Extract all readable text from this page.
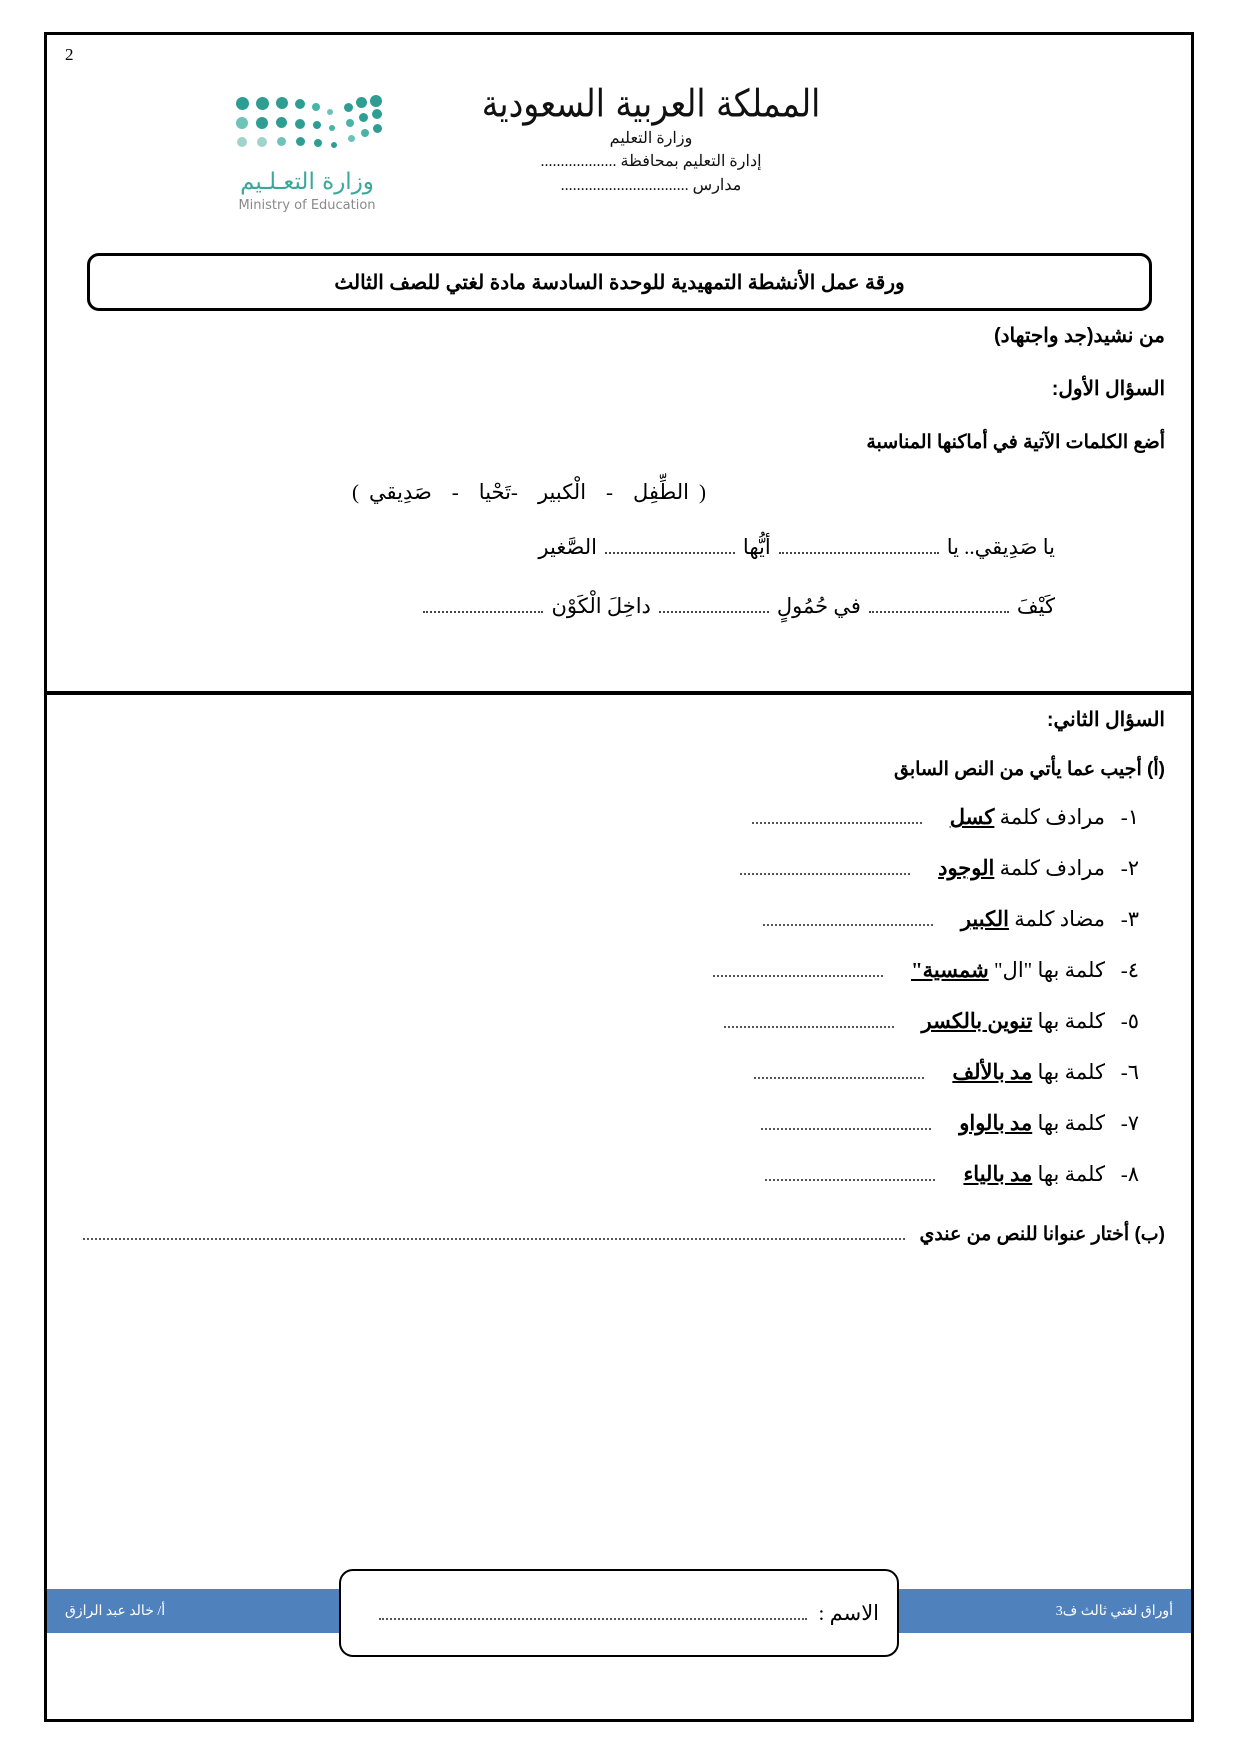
2
المملكة العربية السعودية
وزارة التعليم
إدارة التعليم بمحافظة ...................
مدارس ................................
وزارة التعـلـيم
Ministry of Education
ورقة عمل الأنشطة التمهيدية للوحدة السادسة مادة لغتي للصف الثالث
من نشيد(جد واجتهاد)
السؤال الأول:
أضع الكلمات الآتية في أماكنها المناسبة
(الطِّفِل-الْكبير-تَحْيا-صَدِيقي)
يا صَدِيقي.. يا
أيُّها
الصَّغير
كَيْفَ
في حُمُولٍ
داخِلَ الْكَوْن
السؤال الثاني:
(أ) أجيب عما يأتي من النص السابق
١-
مرادف كلمة كسل
٢-
مرادف كلمة الوجود
٣-
مضاد كلمة الكبير
٤-
كلمة بها "ال" شمسية"
٥-
كلمة بها تنوين بالكسر
٦-
كلمة بها مد بالألف
٧-
كلمة بها مد بالواو
٨-
كلمة بها مد بالياء
(ب) أختار عنوانا للنص من عندي
أوراق لغتي ثالث ف3
أ/ خالد عبد الرازق	الاسم :
